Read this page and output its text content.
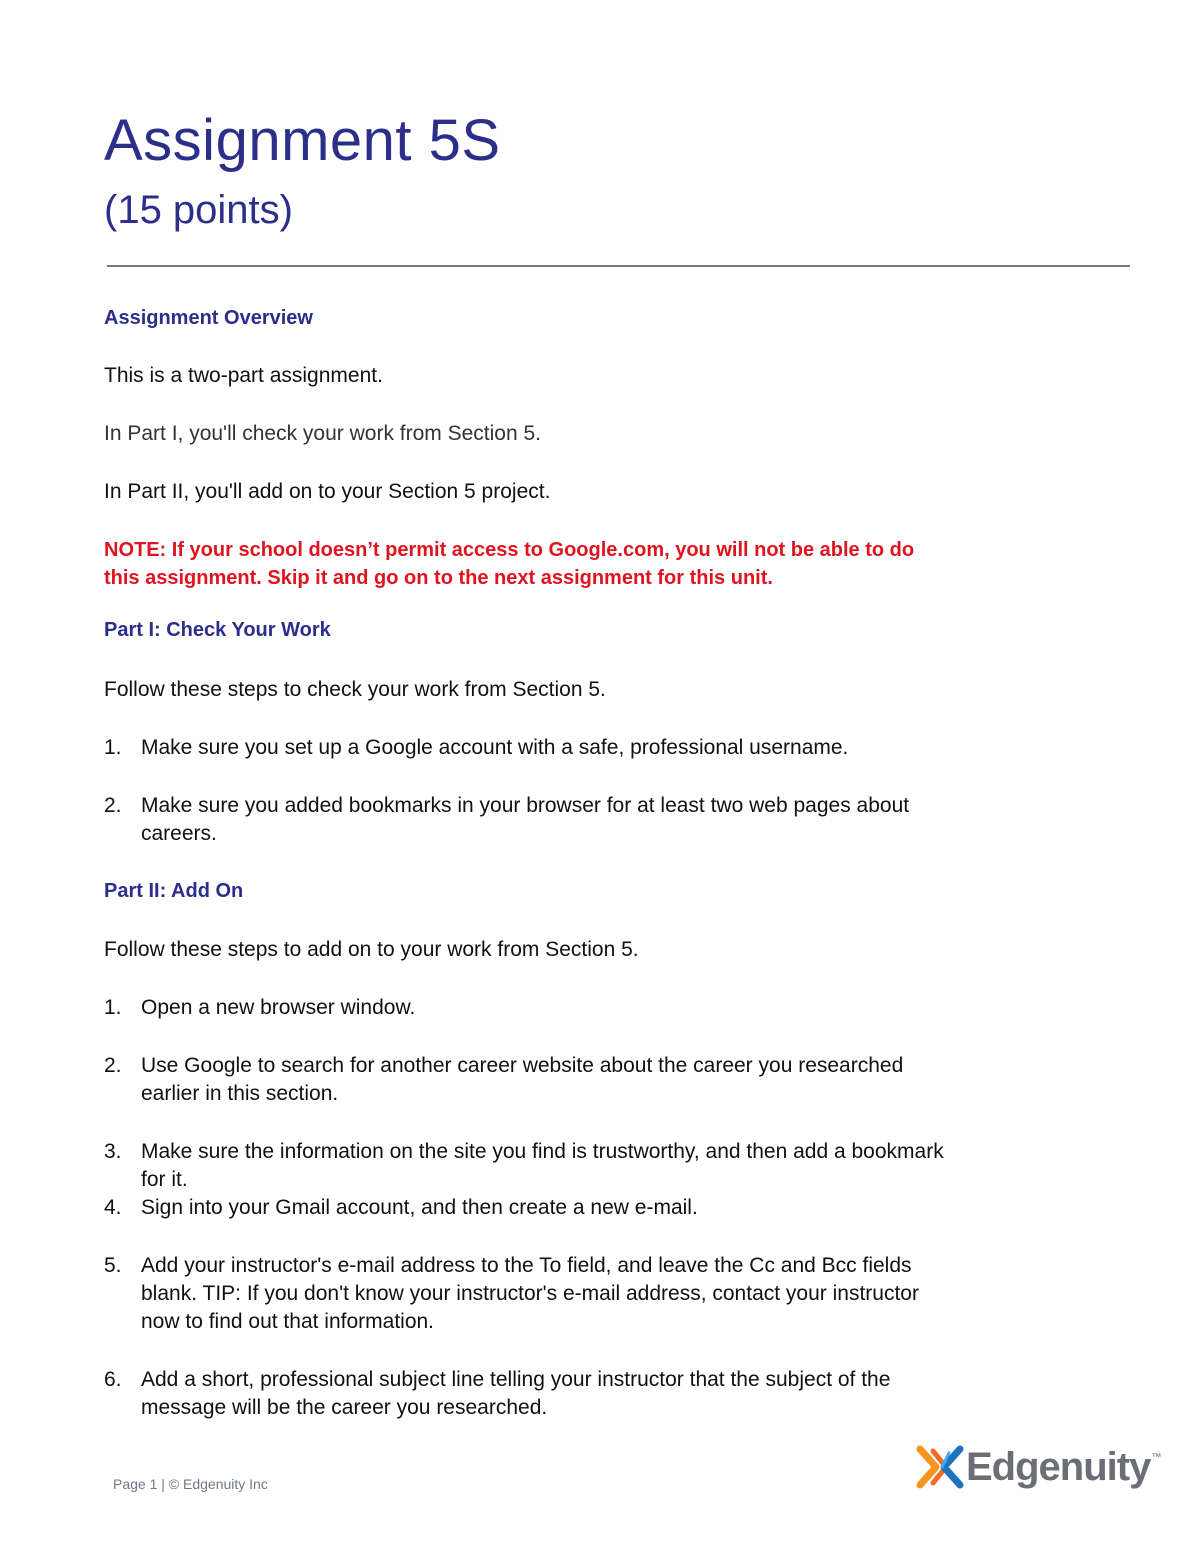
Assignment 5S
(15 points)

Assignment Overview

This is a two-part assignment.

In Part I, you'll check your work from Section 5.

In Part II, you'll add on to your Section 5 project.

NOTE: If your school doesn’t permit access to Google.com, you will not be able to do

this assignment. Skip it and go on to the next assignment for this unit.

Part I: Check Your Work

Follow these steps to check your work from Section 5.

1. Make sure you set up a Google account with a safe, professional username.
2. Make sure you added bookmarks in your browser for at least two web pages about
careers.

Part II: Add On

Follow these steps to add on to your work from Section 5.

1. Open a new browser window.
2. Use Google to search for another career website about the career you researched
earlier in this section.
3. Make sure the information on the site you find is trustworthy, and then add a bookmark
for it.
4. Sign into your Gmail account, and then create a new e-mail.
5. Add your instructor's e-mail address to the To field, and leave the Cc and Bcc fields
blank. TIP: If you don't know your instructor's e-mail address, contact your instructor
now to find out that information.
6. Add a short, professional subject line telling your instructor that the subject of the
message will be the career you researched.
Page 1 | © Edgenuity Inc	Edgenuity ™
